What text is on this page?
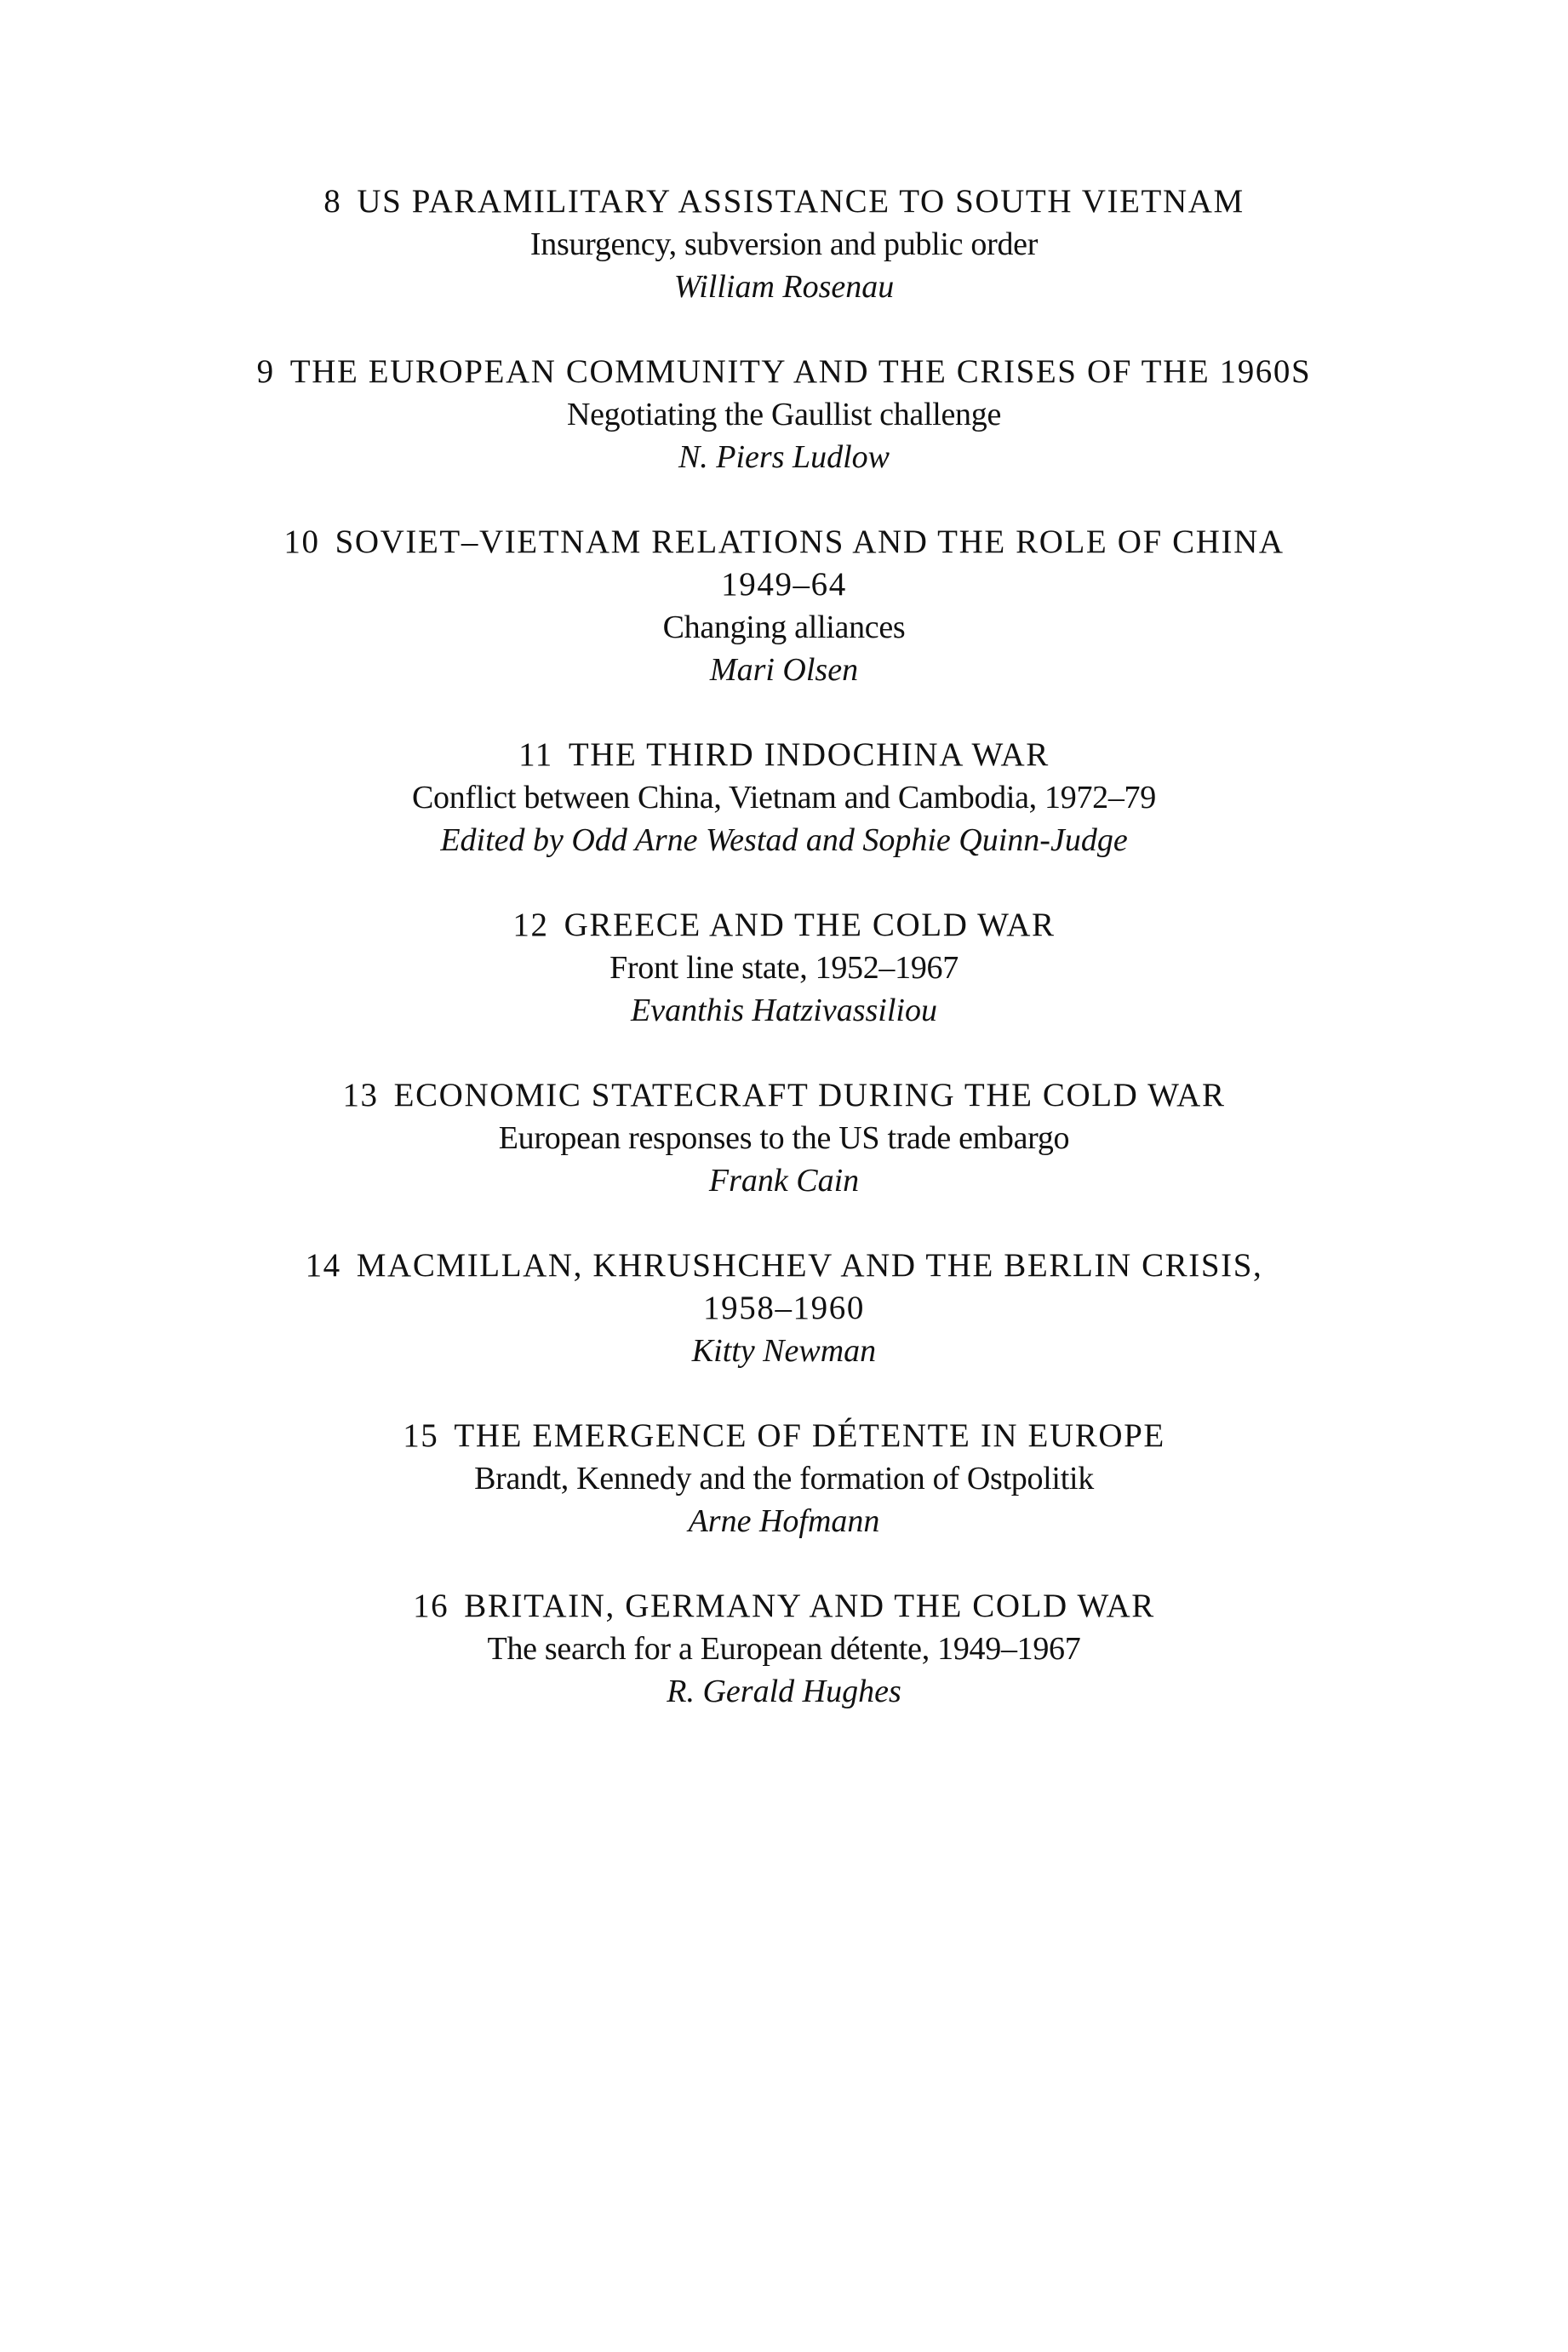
8 US PARAMILITARY ASSISTANCE TO SOUTH VIETNAM
Insurgency, subversion and public order
William Rosenau
9 THE EUROPEAN COMMUNITY AND THE CRISES OF THE 1960S
Negotiating the Gaullist challenge
N. Piers Ludlow
10 SOVIET–VIETNAM RELATIONS AND THE ROLE OF CHINA
1949–64
Changing alliances
Mari Olsen
11 THE THIRD INDOCHINA WAR
Conflict between China, Vietnam and Cambodia, 1972–79
Edited by Odd Arne Westad and Sophie Quinn-Judge
12 GREECE AND THE COLD WAR
Front line state, 1952–1967
Evanthis Hatzivassiliou
13 ECONOMIC STATECRAFT DURING THE COLD WAR
European responses to the US trade embargo
Frank Cain
14 MACMILLAN, KHRUSHCHEV AND THE BERLIN CRISIS,
1958–1960
Kitty Newman
15 THE EMERGENCE OF DÉTENTE IN EUROPE
Brandt, Kennedy and the formation of Ostpolitik
Arne Hofmann
16 BRITAIN, GERMANY AND THE COLD WAR
The search for a European détente, 1949–1967
R. Gerald Hughes
